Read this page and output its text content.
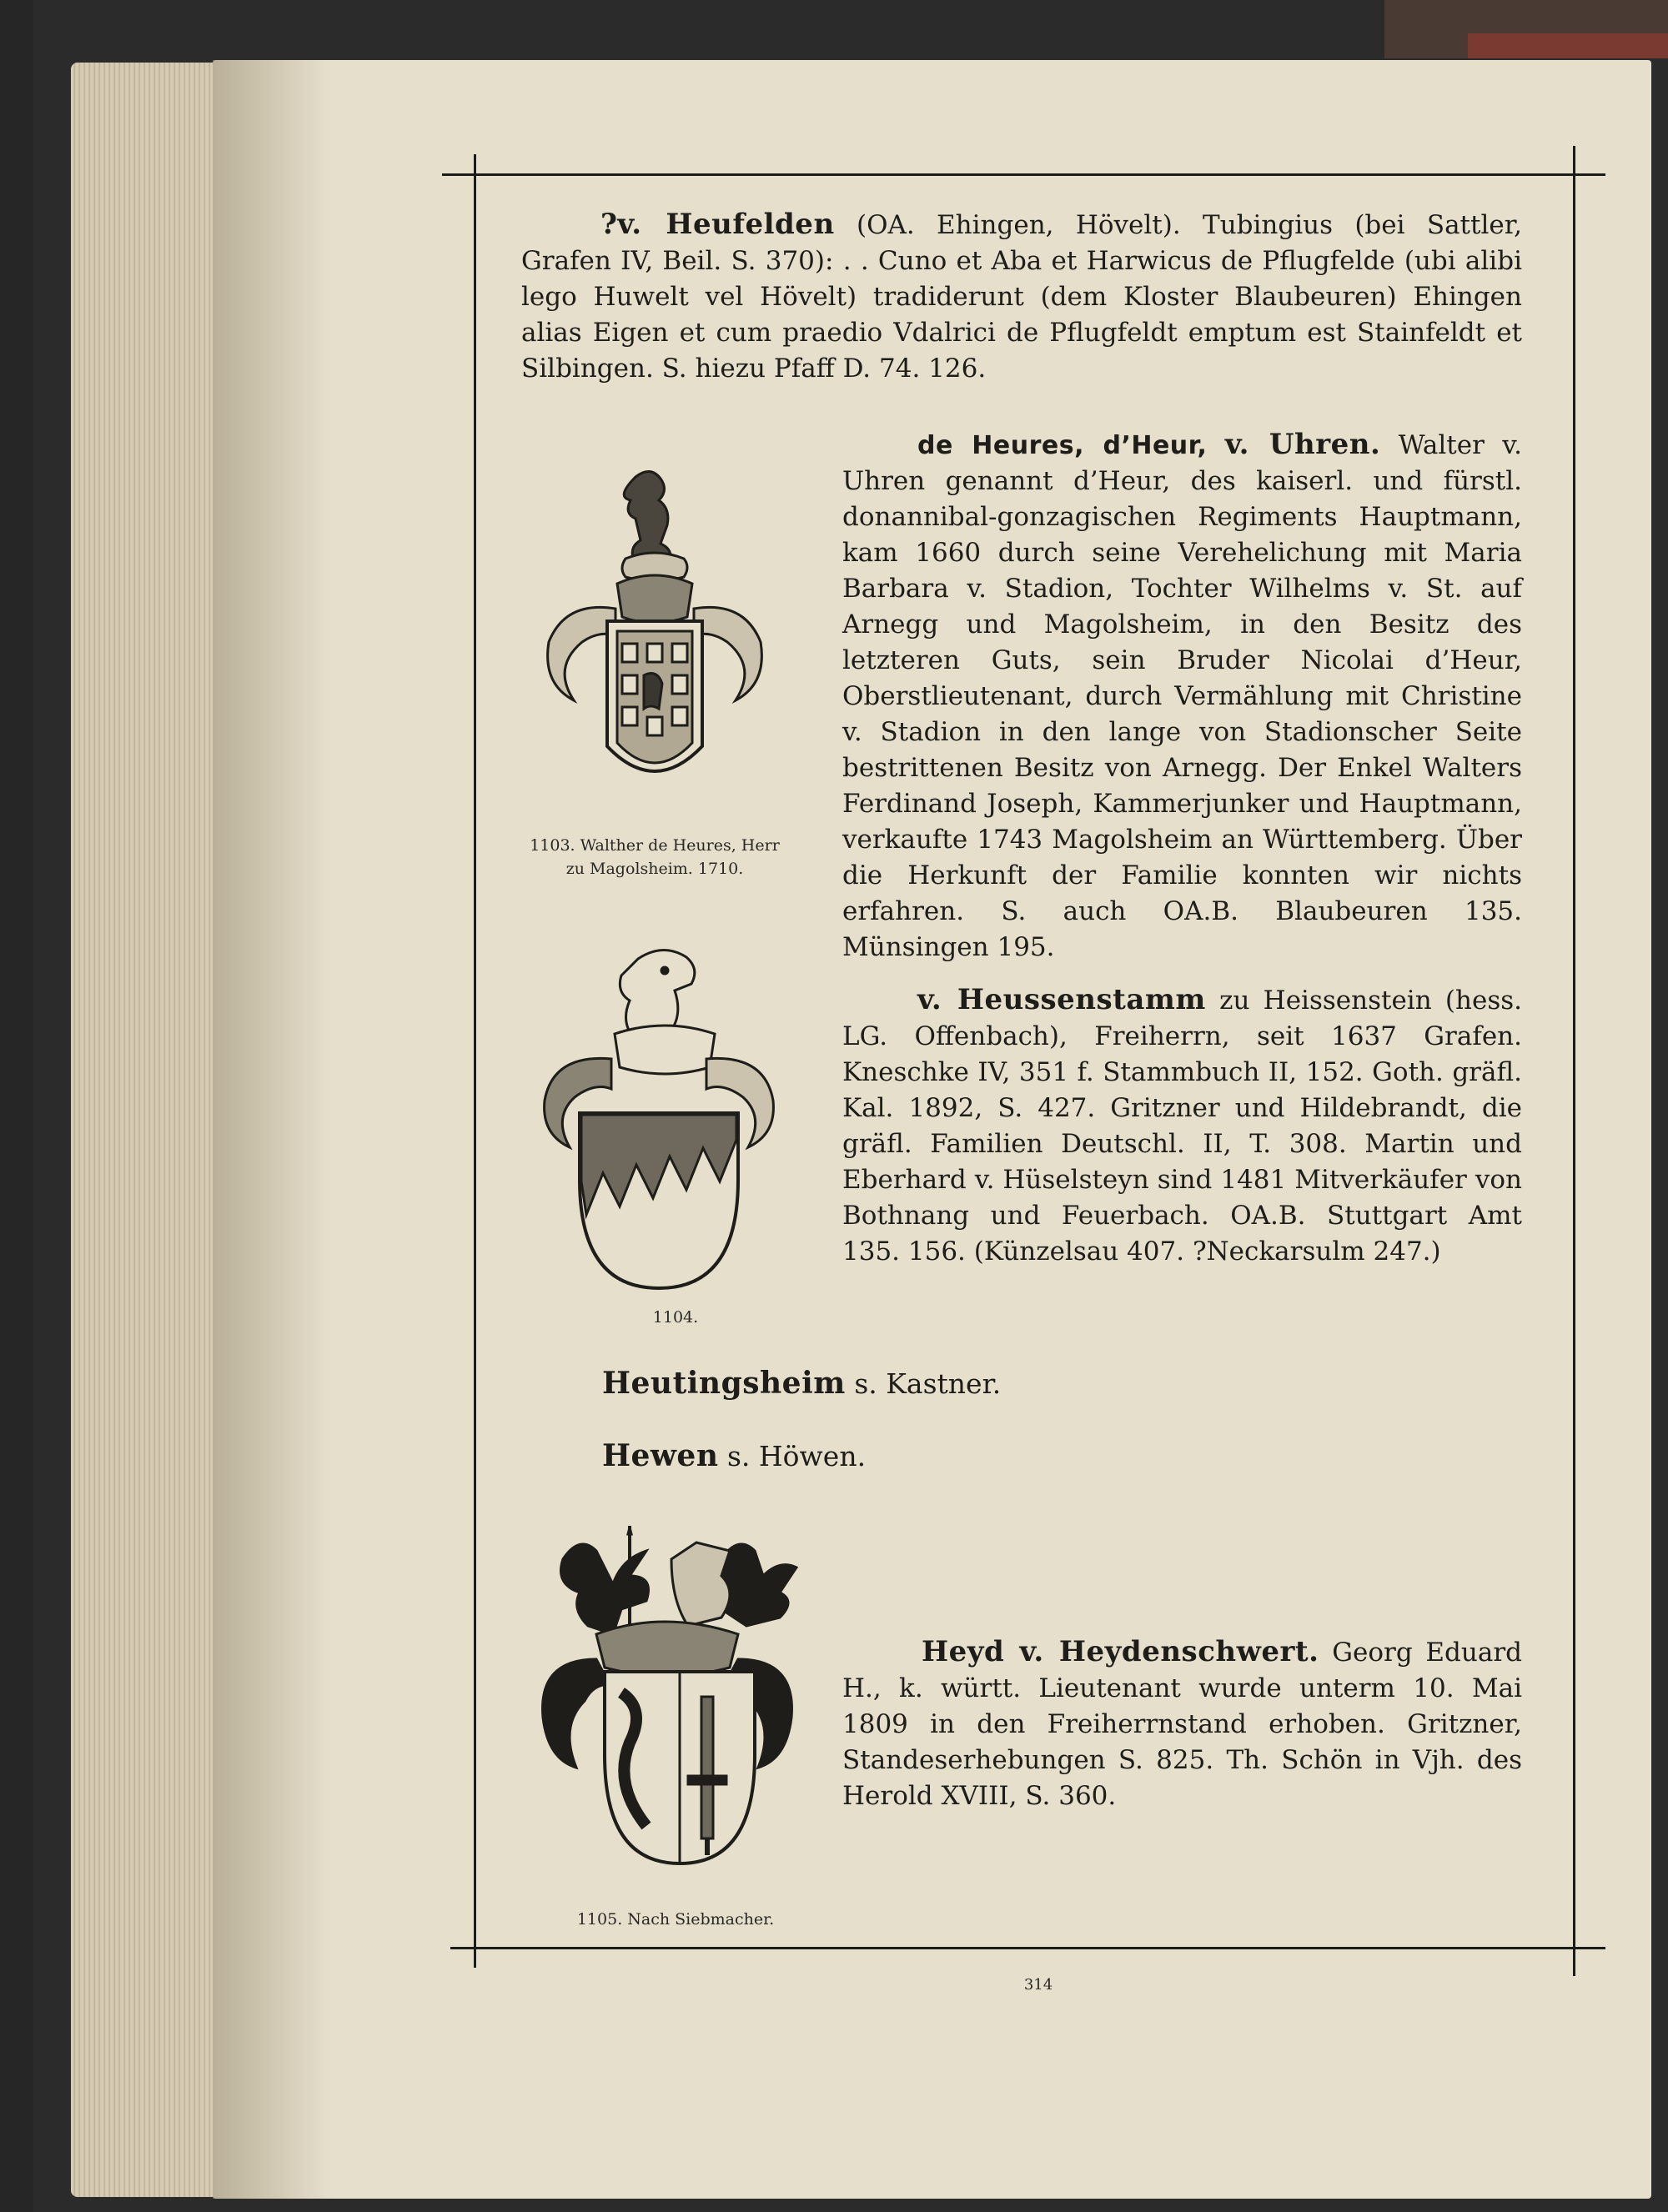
?v. Heufelden (OA. Ehingen, Hövelt). Tubingius (bei Sattler, Grafen IV, Beil. S. 370): . . Cuno et Aba et Harwicus de Pflugfelde (ubi alibi lego Huwelt vel Hövelt) tradiderunt (dem Kloster Blaubeuren) Ehingen alias Eigen et cum praedio Vdalrici de Pflugfeldt emptum est Stainfeldt et Silbingen. S. hiezu Pfaff D. 74. 126.

de Heures, d’Heur, v. Uhren. Walter v. Uhren genannt d’Heur, des kaiserl. und fürstl. donannibal-gonzagischen Regiments Hauptmann, kam 1660 durch seine Verehelichung mit Maria Barbara v. Stadion, Tochter Wilhelms v. St. auf Arnegg und Magolsheim, in den Besitz des letzteren Guts, sein Bruder Nicolai d’Heur, Oberstlieutenant, durch Vermählung mit Christine v. Stadion in den lange von Stadionscher Seite bestrittenen Besitz von Arnegg. Der Enkel Walters Ferdinand Joseph, Kammerjunker und Hauptmann, verkaufte 1743 Magolsheim an Württemberg. Über die Herkunft der Familie konnten wir nichts erfahren. S. auch OA.B. Blaubeuren 135. Münsingen 195.

1103. Walther de Heures, Herr
zu Magolsheim. 1710.

v. Heussenstamm zu Heissenstein (hess. LG. Offenbach), Freiherrn, seit 1637 Grafen. Kneschke IV, 351 f. Stammbuch II, 152. Goth. gräfl. Kal. 1892, S. 427. Gritzner und Hildebrandt, die gräfl. Familien Deutschl. II, T. 308. Martin und Eberhard v. Hüselsteyn sind 1481 Mitverkäufer von Bothnang und Feuerbach. OA.B. Stuttgart Amt 135. 156. (Künzelsau 407. ?Neckarsulm 247.)

1104.
Heutingsheim s. Kastner.
Hewen s. Höwen.

Heyd v. Heydenschwert. Georg Eduard H., k. württ. Lieutenant wurde unterm 10. Mai 1809 in den Freiherrnstand erhoben. Gritzner, Standeserhebungen S. 825. Th. Schön in Vjh. des Herold XVIII, S. 360.

1105. Nach Siebmacher.
314
